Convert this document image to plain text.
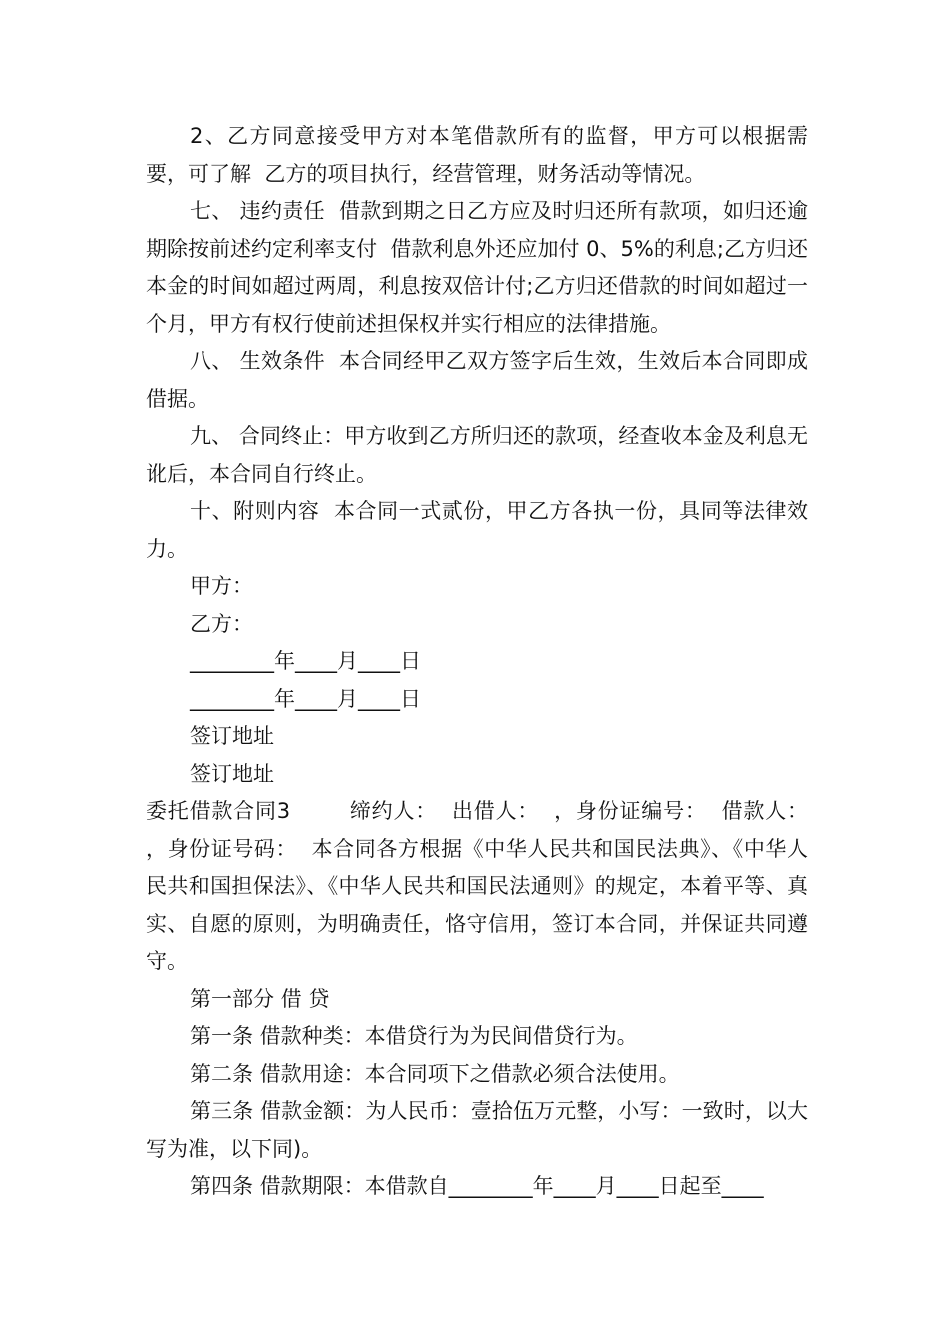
2、乙方同意接受甲方对本笔借款所有的监督，甲方可以根据需要，可了解  乙方的项目执行，经营管理，财务活动等情况。

七、 违约责任  借款到期之日乙方应及时归还所有款项，如归还逾期除按前述约定利率支付  借款利息外还应加付 0、5%的利息;乙方归还本金的时间如超过两周，利息按双倍计付;乙方归还借款的时间如超过一个月，甲方有权行使前述担保权并实行相应的法律措施。

八、 生效条件  本合同经甲乙双方签字后生效，生效后本合同即成借据。

九、 合同终止：甲方收到乙方所归还的款项，经查收本金及利息无讹后，本合同自行终止。

十、附则内容  本合同一式贰份，甲乙方各执一份，具同等法律效力。

甲方：
乙方：
________年____月____日
________年____月____日
签订地址
签订地址

委托借款合同3        缔约人：  出借人：  ，身份证编号：  借款人：  ，身份证号码：  本合同各方根据《中华人民共和国民法典》、《中华人民共和国担保法》、《中华人民共和国民法通则》的规定，本着平等、真实、自愿的原则，为明确责任，恪守信用，签订本合同，并保证共同遵守。

第一部分 借 贷

第一条 借款种类：本借贷行为为民间借贷行为。

第二条 借款用途：本合同项下之借款必须合法使用。

第三条 借款金额：为人民币：壹拾伍万元整，小写：一致时，以大写为准，以下同)。

第四条 借款期限：本借款自________年____月____日起至____
